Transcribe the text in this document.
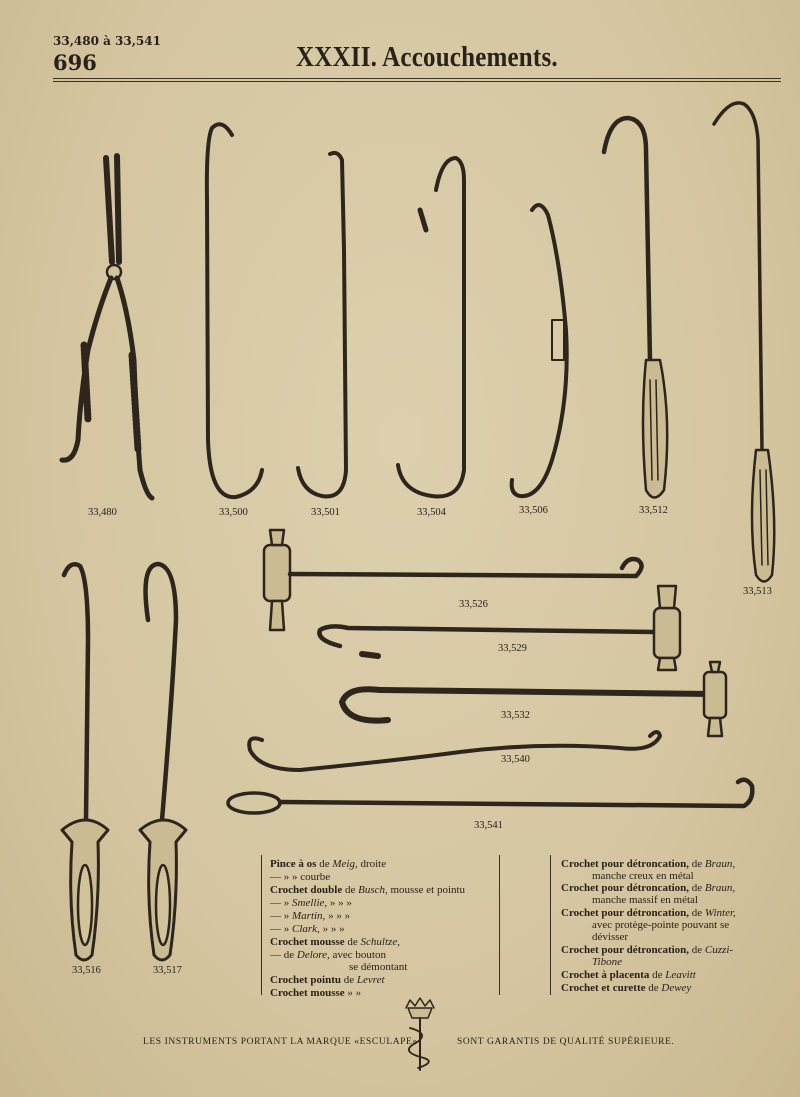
33,480 à 33,541
696	XXXII. Accouchements.
33,480	33,500	33,501	33,504	33,506	33,512
33,513
33,516	33,517
33,526
33,529
33,532
33,540
33,541
Pince à os de Meig, droite
— » » courbe
Crochet double de Busch, mousse et pointu
— » Smellie, » » »
— » Martin, » » »
— » Clark, » » »
Crochet mousse de Schultze,
— de Delore, avec bouton
se démontant
Crochet pointu de Levret
Crochet mousse » »
Crochet pour détroncation, de Braun,
manche creux en métal
Crochet pour détroncation, de Braun,
manche massif en métal
Crochet pour détroncation, de Winter,
avec protège-pointe pouvant se
dévisser
Crochet pour détroncation, de Cuzzi-
Tibone
Crochet à placenta de Leavitt
Crochet et curette de Dewey
LES INSTRUMENTS PORTANT LA MARQUE «ESCULAPE»	SONT GARANTIS DE QUALITÉ SUPÉRIEURE.
